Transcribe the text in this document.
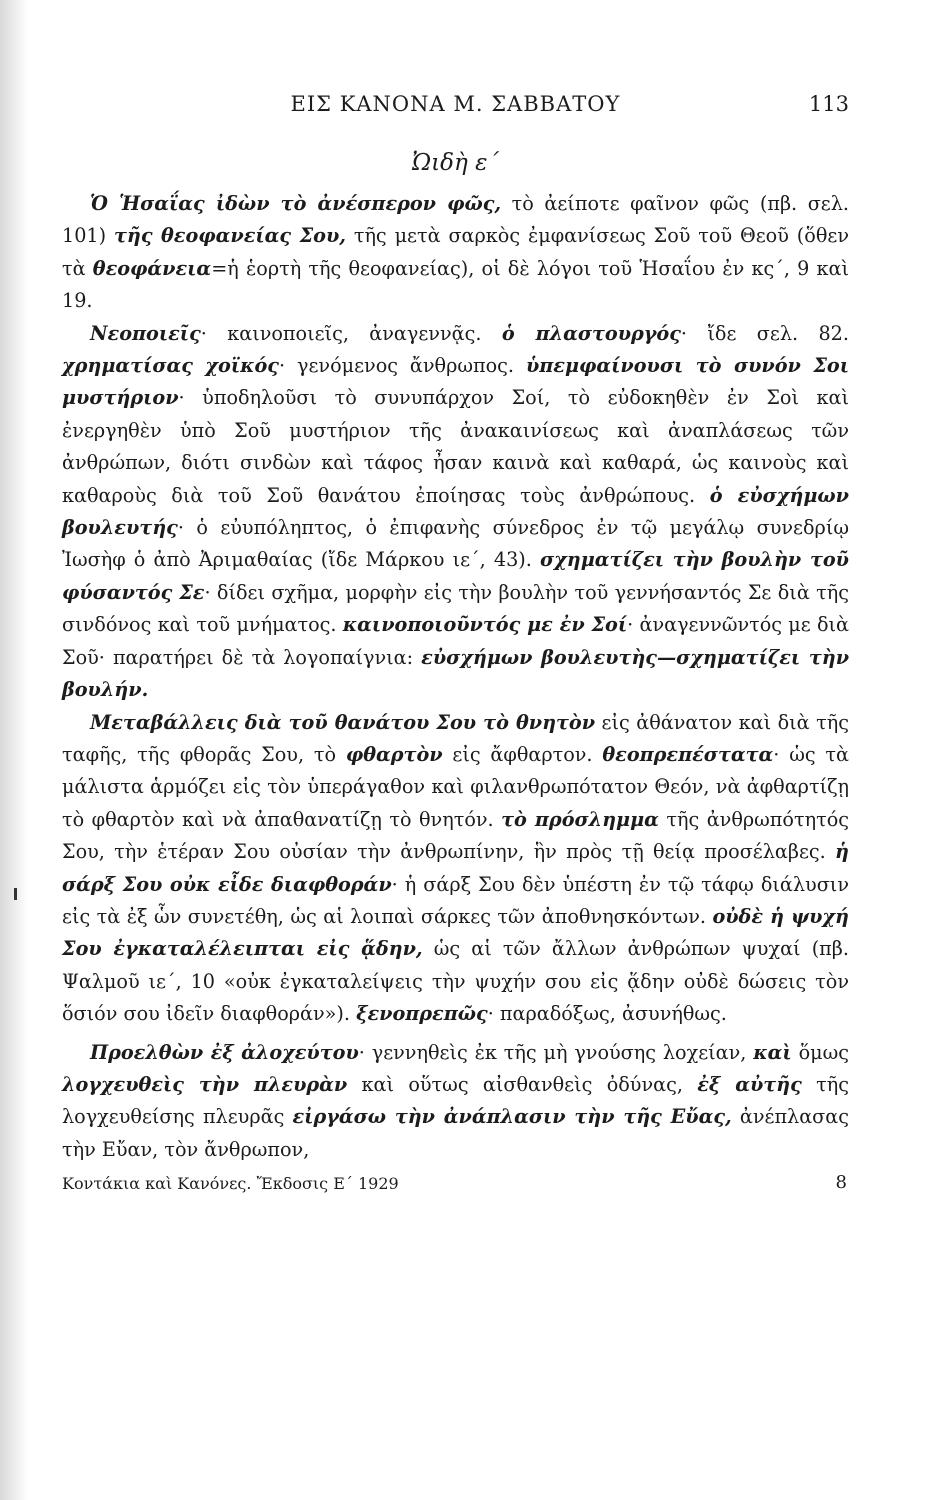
ΕΙΣ ΚΑΝΟΝΑ Μ. ΣΑΒΒΑΤΟΥ	113
Ὠιδὴ ε´

Ὁ Ἡσαΐας ἰδὼν τὸ ἀνέσπερον φῶς, τὸ ἀείποτε φαῖνον φῶς (πβ. σελ. 101) τῆς θεοφανείας Σου, τῆς μετὰ σαρκὸς ἐμφανίσεως Σοῦ τοῦ Θεοῦ (ὅθεν τὰ θεοφάνεια=ἡ ἑορτὴ τῆς θεοφανείας), οἱ δὲ λόγοι τοῦ Ἡσαΐου ἐν κς´, 9 καὶ 19.

Νεοποιεῖς· καινοποιεῖς, ἀναγεννᾷς. ὁ πλαστουργός· ἴδε σελ. 82. χρηματίσας χοϊκός· γενόμενος ἄνθρωπος. ὑπεμφαίνουσι τὸ συνόν Σοι μυστήριον· ὑποδηλοῦσι τὸ συνυπάρχον Σοί, τὸ εὐδοκηθὲν ἐν Σοὶ καὶ ἐνεργηθὲν ὑπὸ Σοῦ μυστήριον τῆς ἀνακαινίσεως καὶ ἀναπλάσεως τῶν ἀνθρώπων, διότι σινδὼν καὶ τάφος ἦσαν καινὰ καὶ καθαρά, ὡς καινοὺς καὶ καθαροὺς διὰ τοῦ Σοῦ θανάτου ἐποίησας τοὺς ἀνθρώπους. ὁ εὐσχήμων βουλευτής· ὁ εὐυπόληπτος, ὁ ἐπιφανὴς σύνεδρος ἐν τῷ μεγάλῳ συνεδρίῳ Ἰωσὴφ ὁ ἀπὸ Ἀριμαθαίας (ἴδε Μάρκου ιε´, 43). σχηματίζει τὴν βουλὴν τοῦ φύσαντός Σε· δίδει σχῆμα, μορφὴν εἰς τὴν βουλὴν τοῦ γεννήσαντός Σε διὰ τῆς σινδόνος καὶ τοῦ μνήματος. καινοποιοῦντός με ἐν Σοί· ἀναγεννῶντός με διὰ Σοῦ· παρατήρει δὲ τὰ λογοπαίγνια: εὐσχήμων βουλευτὴς—σχηματίζει τὴν βουλήν.

Μεταβάλλεις διὰ τοῦ θανάτου Σου τὸ θνητὸν εἰς ἀθάνατον καὶ διὰ τῆς ταφῆς, τῆς φθορᾶς Σου, τὸ φθαρτὸν εἰς ἄφθαρτον. θεοπρεπέστατα· ὡς τὰ μάλιστα ἁρμόζει εἰς τὸν ὑπεράγαθον καὶ φιλανθρωπότατον Θεόν, νὰ ἀφθαρτίζῃ τὸ φθαρτὸν καὶ νὰ ἀπαθανατίζῃ τὸ θνητόν. τὸ πρόσλημμα τῆς ἀνθρωπότητός Σου, τὴν ἑτέραν Σου οὐσίαν τὴν ἀνθρωπίνην, ἣν πρὸς τῇ θείᾳ προσέλαβες. ἡ σάρξ Σου οὐκ εἶδε διαφθοράν· ἡ σάρξ Σου δὲν ὑπέστη ἐν τῷ τάφῳ διάλυσιν εἰς τὰ ἐξ ὧν συνετέθη, ὡς αἱ λοιπαὶ σάρκες τῶν ἀποθνησκόντων. οὐδὲ ἡ ψυχή Σου ἐγκαταλέλειπται εἰς ᾅδην, ὡς αἱ τῶν ἄλλων ἀνθρώπων ψυχαί (πβ. Ψαλμοῦ ιε´, 10 «οὐκ ἐγκαταλείψεις τὴν ψυχήν σου εἰς ᾅδην οὐδὲ δώσεις τὸν ὅσιόν σου ἰδεῖν διαφθοράν»). ξενοπρεπῶς· παραδόξως, ἀσυνήθως.

Προελθὼν ἐξ ἀλοχεύτου· γεννηθεὶς ἐκ τῆς μὴ γνούσης λοχείαν, καὶ ὅμως λογχευθεὶς τὴν πλευρὰν καὶ οὕτως αἰσθανθεὶς ὀδύνας, ἐξ αὐτῆς τῆς λογχευθείσης πλευρᾶς εἰργάσω τὴν ἀνάπλασιν τὴν τῆς Εὔας, ἀνέπλασας τὴν Εὔαν, τὸν ἄνθρωπον,

Κοντάκια καὶ Κανόνες. Ἔκδοσις Ε´ 1929	8
